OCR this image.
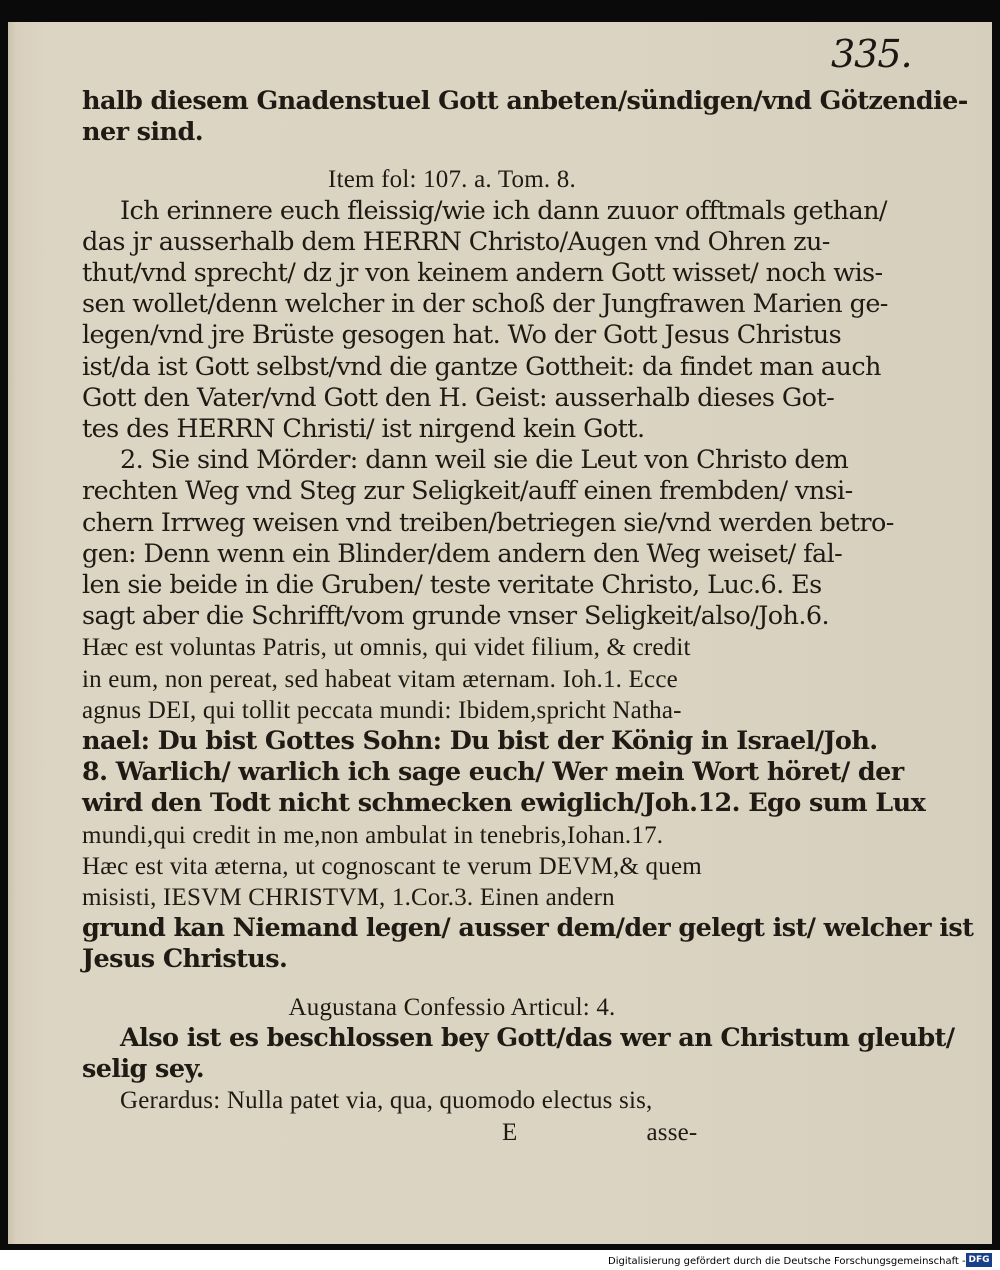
335.
halb diesem Gnadenstuel Gott anbeten/sündigen/vnd Götzendie-
ner sind.
Item fol: 107. a. Tom. 8.
Ich erinnere euch fleissig/wie ich dann zuuor offtmals gethan/
das jr ausserhalb dem HERRN Christo/Augen vnd Ohren zu-
thut/vnd sprecht/ dz jr von keinem andern Gott wisset/ noch wis-
sen wollet/denn welcher in der schoß der Jungfrawen Marien ge-
legen/vnd jre Brüste gesogen hat. Wo der Gott Jesus Christus
ist/da ist Gott selbst/vnd die gantze Gottheit: da findet man auch
Gott den Vater/vnd Gott den H. Geist: ausserhalb dieses Got-
tes des HERRN Christi/ ist nirgend kein Gott.
2. Sie sind Mörder: dann weil sie die Leut von Christo dem
rechten Weg vnd Steg zur Seligkeit/auff einen frembden/ vnsi-
chern Irrweg weisen vnd treiben/betriegen sie/vnd werden betro-
gen: Denn wenn ein Blinder/dem andern den Weg weiset/ fal-
len sie beide in die Gruben/ teste veritate Christo, Luc.6. Es
sagt aber die Schrifft/vom grunde vnser Seligkeit/also/Joh.6.
Hæc est voluntas Patris, ut omnis, qui videt filium, & credit
in eum, non pereat, sed habeat vitam æternam. Ioh.1. Ecce
agnus DEI, qui tollit peccata mundi: Ibidem,spricht Natha-
nael: Du bist Gottes Sohn: Du bist der König in Israel/Joh.
8. Warlich/ warlich ich sage euch/ Wer mein Wort höret/ der
wird den Todt nicht schmecken ewiglich/Joh.12. Ego sum Lux
mundi,qui credit in me,non ambulat in tenebris,Iohan.17.
Hæc est vita æterna, ut cognoscant te verum DEVM,& quem
misisti, IESVM CHRISTVM, 1.Cor.3. Einen andern
grund kan Niemand legen/ ausser dem/der gelegt ist/ welcher ist
Jesus Christus.
Augustana Confessio Articul: 4.
Also ist es beschlossen bey Gott/das wer an Christum gleubt/
selig sey.
Gerardus: Nulla patet via, qua, quomodo electus sis,
E                    asse-
Digitalisierung gefördert durch die Deutsche Forschungsgemeinschaft - DFG
